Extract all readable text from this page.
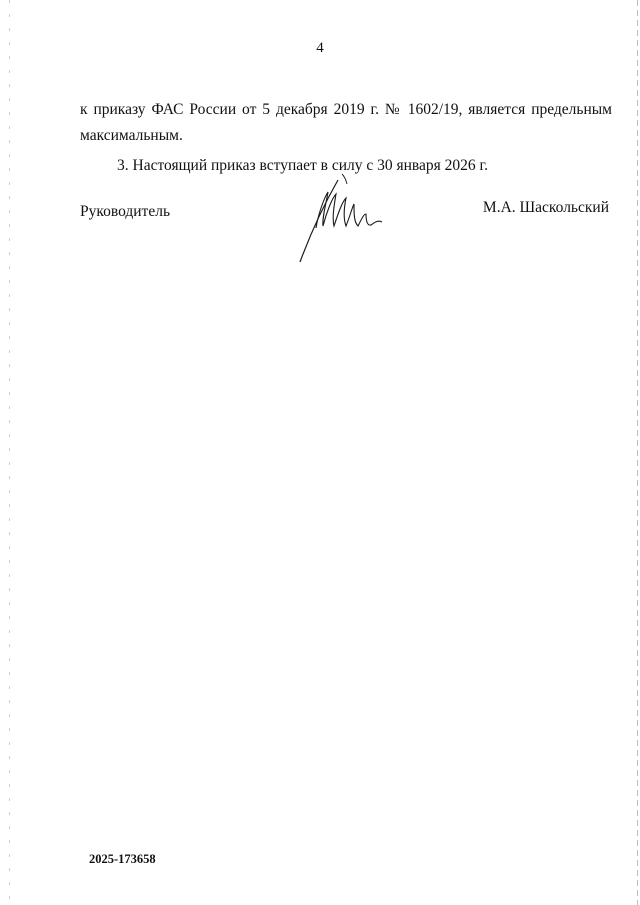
4
к приказу ФАС России от 5 декабря 2019 г. № 1602/19, является предельным
максимальным.
3. Настоящий приказ вступает в силу с 30 января 2026 г.
Руководитель	М.А. Шаскольский
2025-173658
